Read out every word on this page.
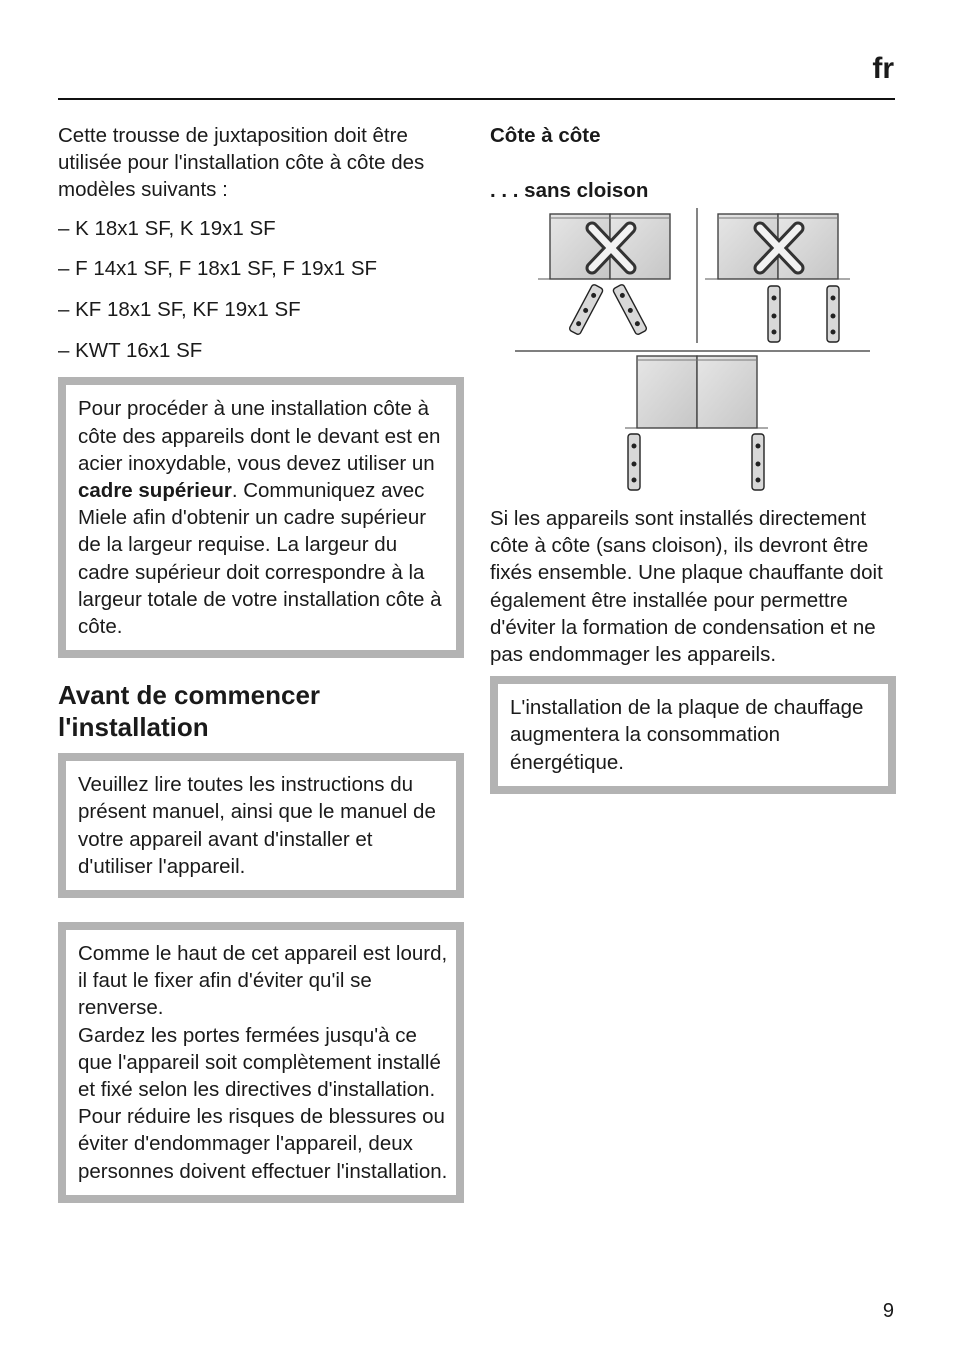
fr

Cette trousse de juxtaposition doit être utilisée pour l'installation côte à côte des modèles suivants :

– K 18x1 SF, K 19x1 SF

– F 14x1 SF, F 18x1 SF, F 19x1 SF

– KF 18x1 SF, KF 19x1 SF

– KWT 16x1 SF

Pour procéder à une installation côte à côte des appareils dont le devant est en acier inoxydable, vous devez utiliser un cadre supérieur. Communiquez avec Miele afin d'obtenir un cadre supérieur de la largeur requise. La largeur du cadre supérieur doit correspondre à la largeur totale de votre installation côte à côte.

Avant de commencer l'installation

Veuillez lire toutes les instructions du présent manuel, ainsi que le manuel de votre appareil avant d'installer et d'utiliser l'appareil.

Comme le haut de cet appareil est lourd, il faut le fixer afin d'éviter qu'il se renverse.

Gardez les portes fermées jusqu'à ce que l'appareil soit complètement installé et fixé selon les directives d'installation.

Pour réduire les risques de blessures ou éviter d'endommager l'appareil, deux personnes doivent effectuer l'installation.

Côte à côte
. . . sans cloison

Si les appareils sont installés directement côte à côte (sans cloison), ils devront être fixés ensemble. Une plaque chauffante doit également être installée pour permettre d'éviter la formation de condensation et ne pas endommager les appareils.

L'installation de la plaque de chauffage augmentera la consommation énergétique.

9
